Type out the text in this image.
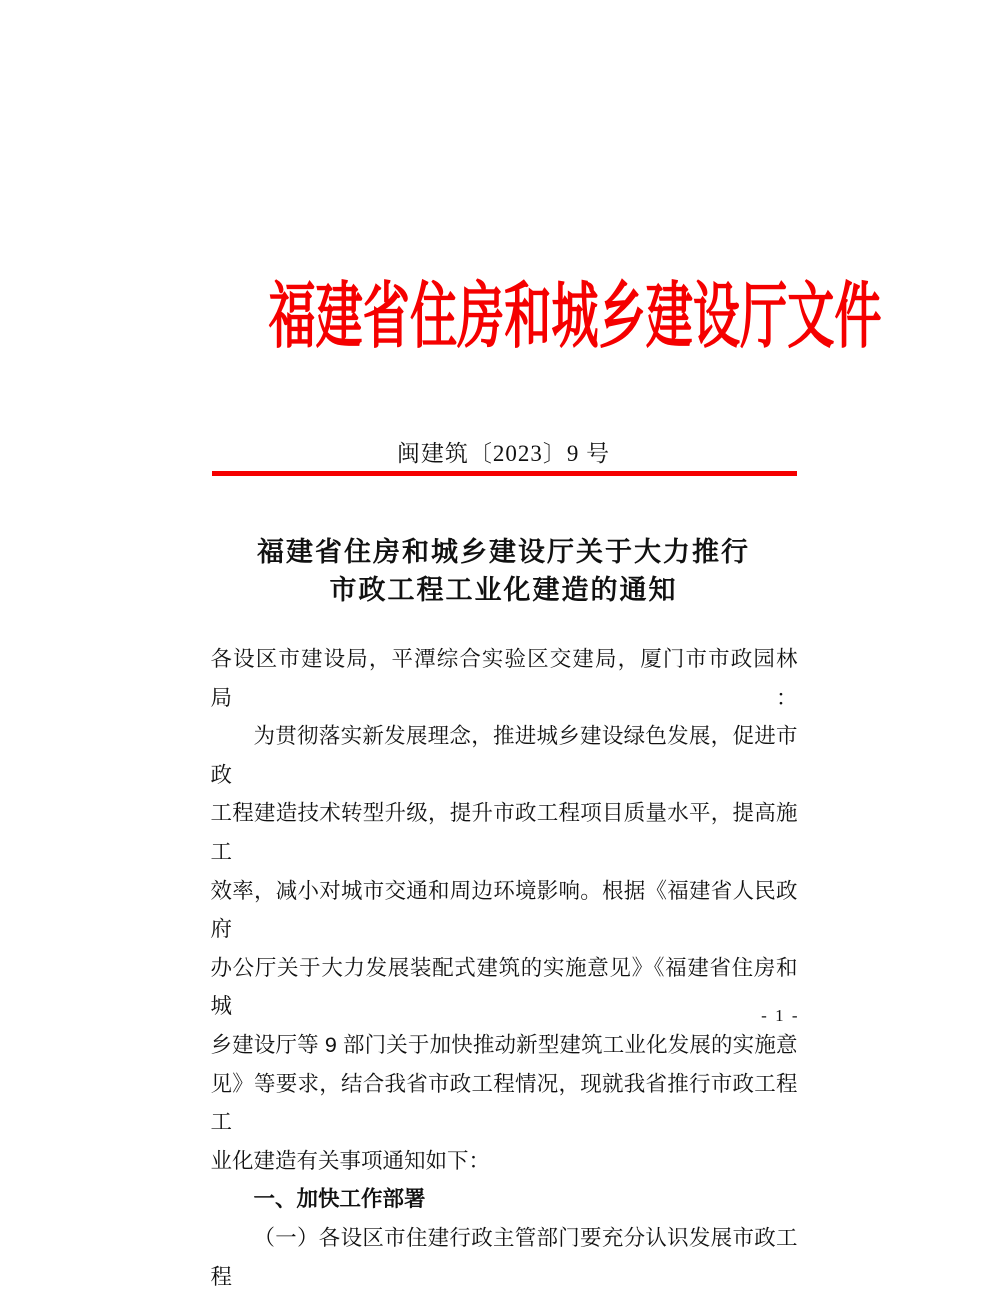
福建省住房和城乡建设厅文件
闽建筑〔2023〕9 号
福建省住房和城乡建设厅关于大力推行
市政工程工业化建造的通知
各设区市建设局，平潭综合实验区交建局，厦门市市政园林局：
为贯彻落实新发展理念，推进城乡建设绿色发展，促进市政
工程建造技术转型升级，提升市政工程项目质量水平，提高施工
效率，减小对城市交通和周边环境影响。根据《福建省人民政府
办公厅关于大力发展装配式建筑的实施意见》《福建省住房和城
乡建设厅等 9 部门关于加快推动新型建筑工业化发展的实施意
见》等要求，结合我省市政工程情况，现就我省推行市政工程工
业化建造有关事项通知如下：
一、加快工作部署
（一）各设区市住建行政主管部门要充分认识发展市政工程
- 1 -
